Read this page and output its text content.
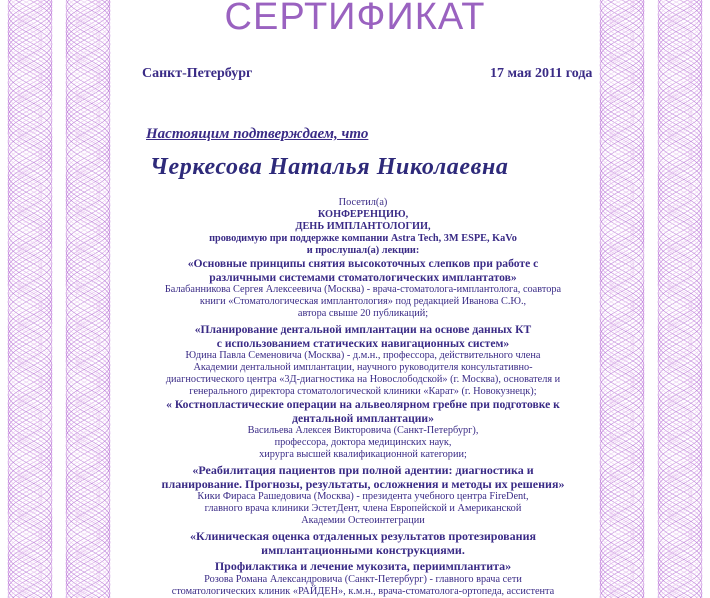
СЕРТИФИКАТ
Санкт-Петербург	17 мая 2011 года
Настоящим подтверждаем, что
Черкесова Наталья Николаевна
Посетил(а)
КОНФЕРЕНЦИЮ,
ДЕНЬ ИМПЛАНТОЛОГИИ,
проводимую при поддержке компании Astra Tech, 3M ESPE, KaVo
и прослушал(а) лекции:
«Основные принципы снятия высокоточных слепков при работе с
различными системами стоматологических имплантатов»
Балабанникова Сергея Алексеевича (Москва) - врача-стоматолога-имплантолога, соавтора
книги «Стоматологическая имплантология» под редакцией Иванова С.Ю.,
автора свыше 20 публикаций;
«Планирование дентальной имплантации на основе данных КТ
с использованием статических навигационных систем»
Юдина Павла Семеновича (Москва) - д.м.н., профессора, действительного члена
Академии дентальной имплантации, научного руководителя консультативно-
диагностического центра «3Д-диагностика на Новослободской» (г. Москва), основателя и
генерального директора стоматологической клиники «Карат» (г. Новокузнецк);
« Костнопластические операции на альвеолярном гребне при подготовке к
дентальной имплантации»
Васильева Алексея Викторовича (Санкт-Петербург),
профессора, доктора медицинских наук,
хирурга высшей квалификационной категории;
«Реабилитация пациентов при полной адентии: диагностика и
планирование. Прогнозы, результаты, осложнения и методы их решения»
Кики Фираса Рашедовича (Москва) - президента учебного центра FireDent,
главного врача клиники ЭстетДент, члена Европейской и Американской
Академии Остеоинтеграции
«Клиническая оценка отдаленных результатов протезирования
имплантационными конструкциями.
Профилактика и лечение мукозита, периимплантита»
Розова Романа Александровича (Санкт-Петербург) - главного врача сети
стоматологических клиник «РАЙДЕН», к.м.н., врача-стоматолога-ортопеда, ассистента
